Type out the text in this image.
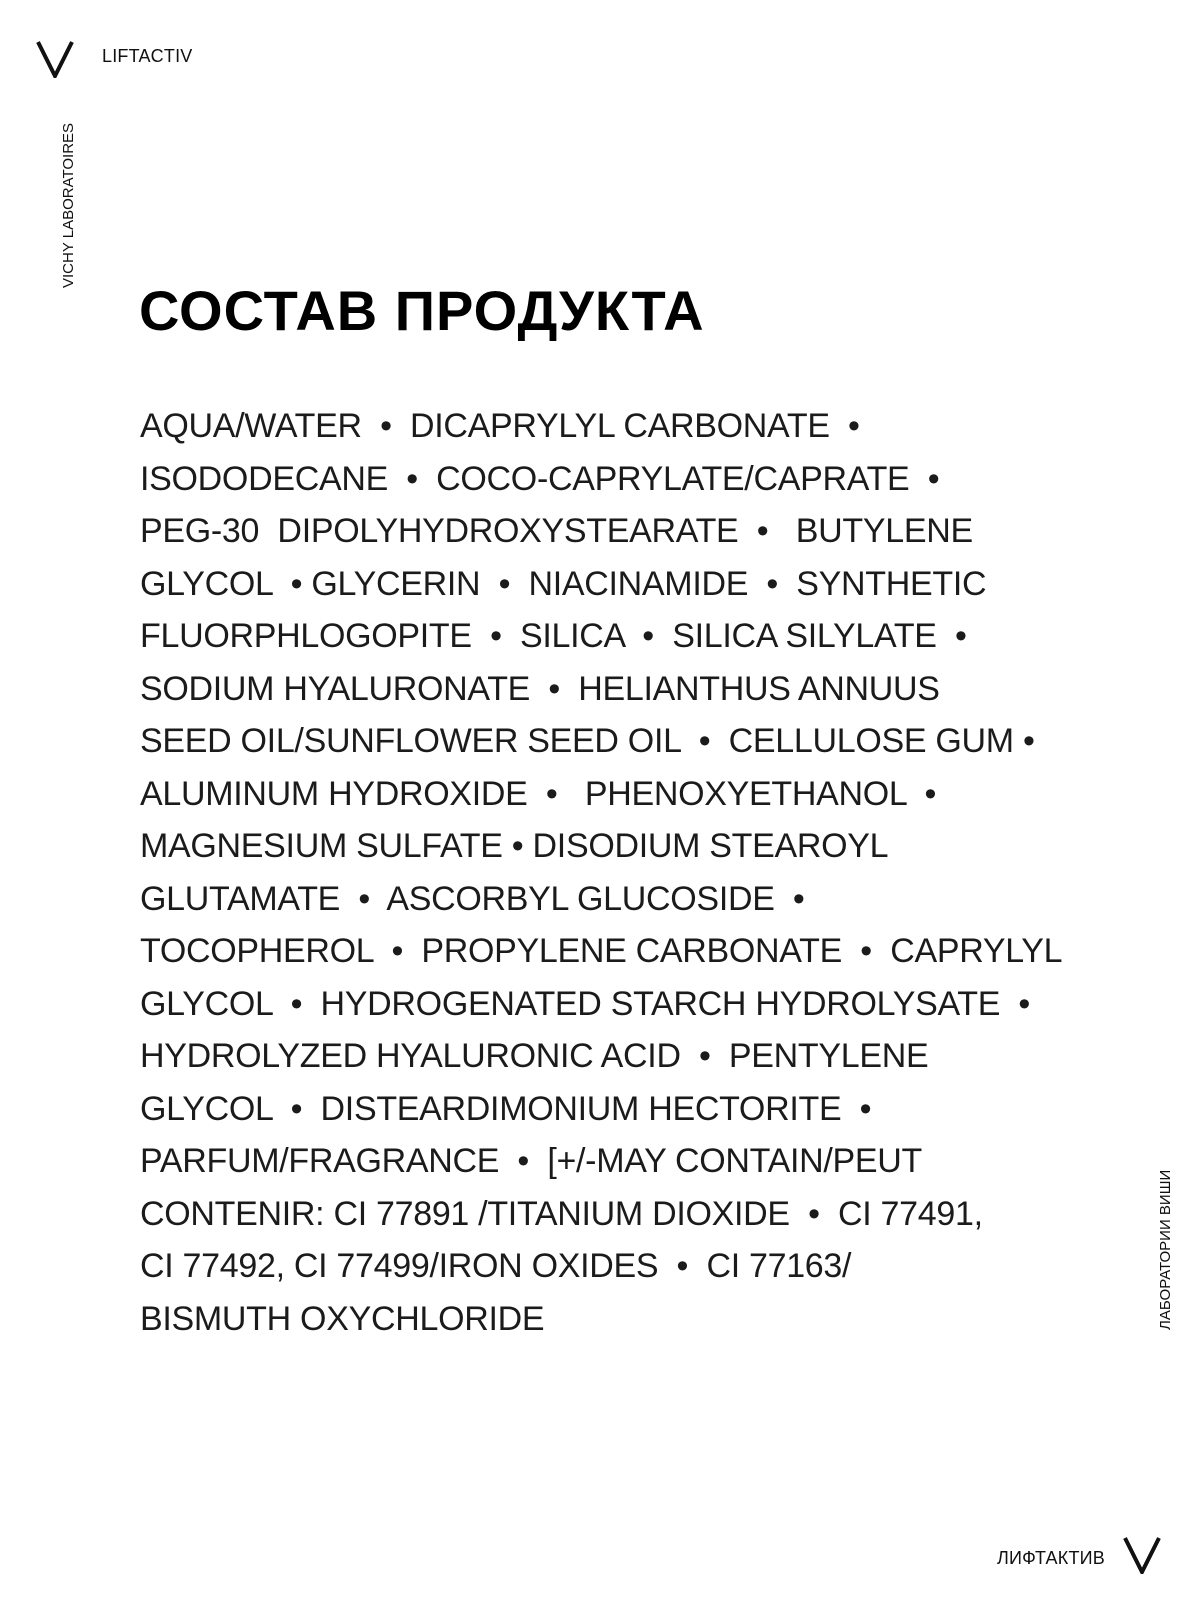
LIFTACTIV
VICHY LABORATOIRES
СОСТАВ ПРОДУКТА
AQUA/WATER  •  DICAPRYLYL CARBONATE  •
ISODODECANE  •  COCO-CAPRYLATE/CAPRATE  •
PEG-30  DIPOLYHYDROXYSTEARATE  •   BUTYLENE
GLYCOL  • GLYCERIN  •  NIACINAMIDE  •  SYNTHETIC
FLUORPHLOGOPITE  •  SILICA  •  SILICA SILYLATE  •
SODIUM HYALURONATE  •  HELIANTHUS ANNUUS
SEED OIL/SUNFLOWER SEED OIL  •  CELLULOSE GUM •
ALUMINUM HYDROXIDE  •   PHENOXYETHANOL  •
MAGNESIUM SULFATE • DISODIUM STEAROYL
GLUTAMATE  •  ASCORBYL GLUCOSIDE  •
TOCOPHEROL  •  PROPYLENE CARBONATE  •  CAPRYLYL
GLYCOL  •  HYDROGENATED STARCH HYDROLYSATE  •
HYDROLYZED HYALURONIC ACID  •  PENTYLENE
GLYCOL  •  DISTEARDIMONIUM HECTORITE  •
PARFUM/FRAGRANCE  •  [+/-MAY CONTAIN/PEUT
CONTENIR: CI 77891 /TITANIUM DIOXIDE  •  CI 77491,
CI 77492, CI 77499/IRON OXIDES  •  CI 77163/
BISMUTH OXYCHLORIDE	ЛАБОРАТОРИИ ВИШИ
ЛИФТАКТИВ
